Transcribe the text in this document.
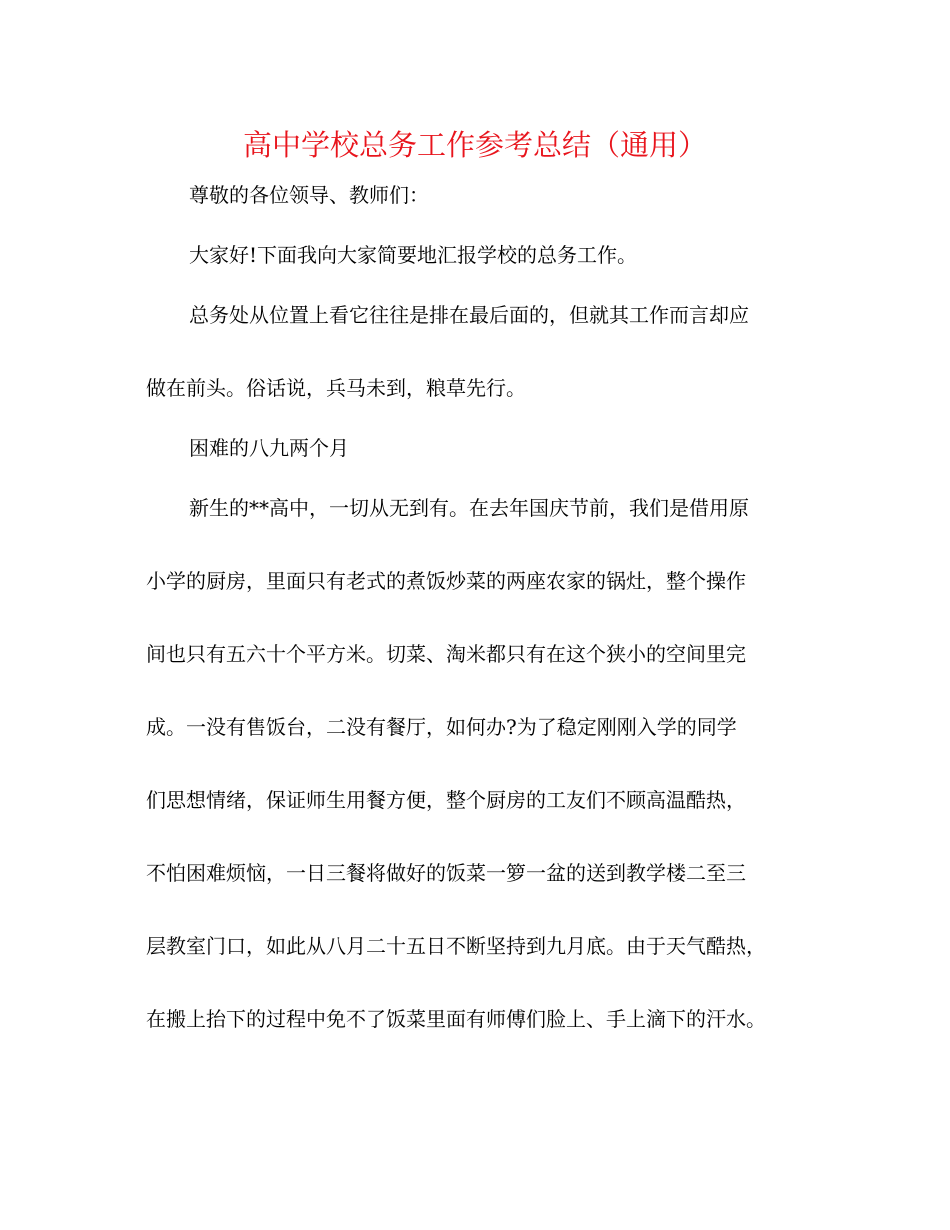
高中学校总务工作参考总结（通用）
尊敬的各位领导、教师们：
大家好!下面我向大家简要地汇报学校的总务工作。
总务处从位置上看它往往是排在最后面的，但就其工作而言却应
做在前头。俗话说，兵马未到，粮草先行。
困难的八九两个月
新生的**高中，一切从无到有。在去年国庆节前，我们是借用原
小学的厨房，里面只有老式的煮饭炒菜的两座农家的锅灶，整个操作
间也只有五六十个平方米。切菜、淘米都只有在这个狭小的空间里完
成。一没有售饭台，二没有餐厅，如何办?为了稳定刚刚入学的同学
们思想情绪，保证师生用餐方便，整个厨房的工友们不顾高温酷热，
不怕困难烦恼，一日三餐将做好的饭菜一箩一盆的送到教学楼二至三
层教室门口，如此从八月二十五日不断坚持到九月底。由于天气酷热，
在搬上抬下的过程中免不了饭菜里面有师傅们脸上、手上滴下的汗水。
